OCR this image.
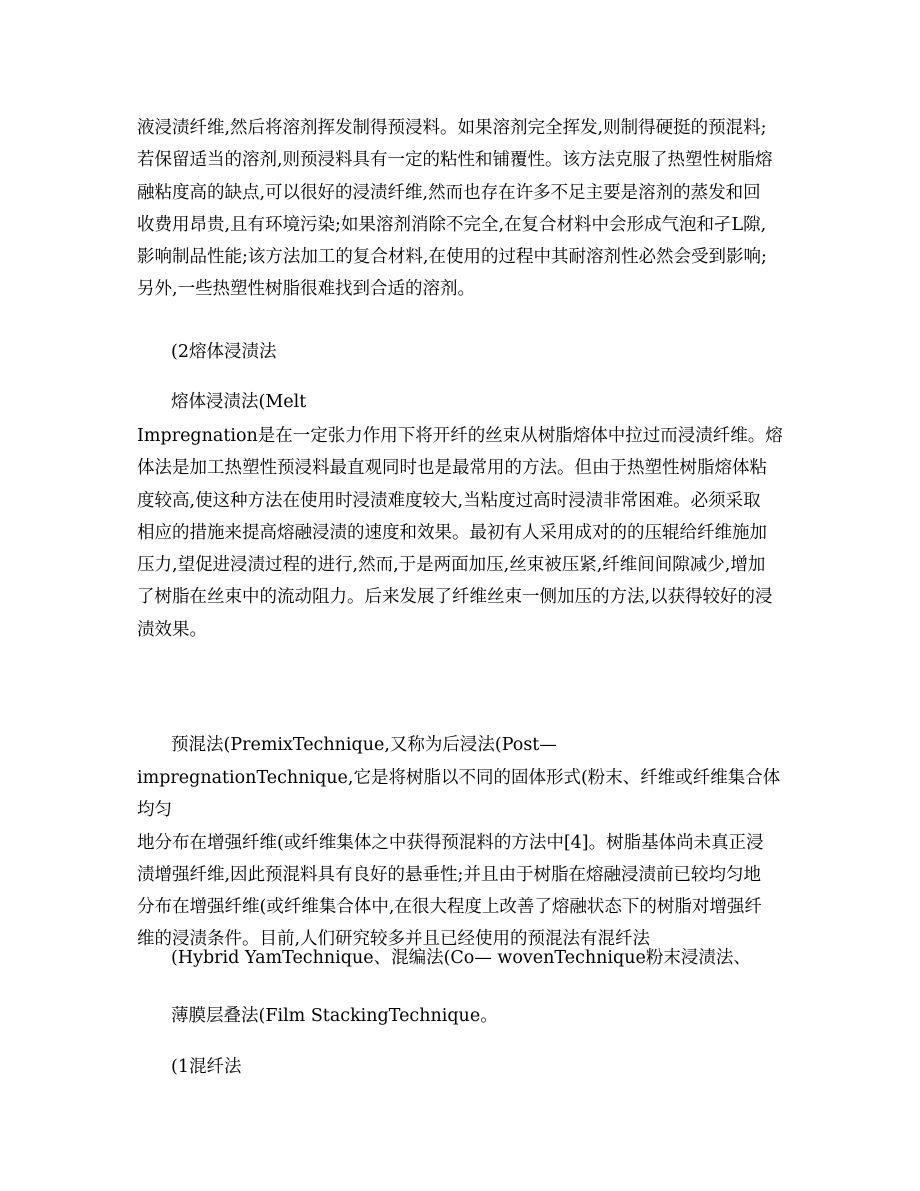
液浸渍纤维,然后将溶剂挥发制得预浸料。如果溶剂完全挥发,则制得硬挺的预混料;
若保留适当的溶剂,则预浸料具有一定的粘性和铺覆性。该方法克服了热塑性树脂熔
融粘度高的缺点,可以很好的浸渍纤维,然而也存在许多不足主要是溶剂的蒸发和回
收费用昂贵,且有环境污染;如果溶剂消除不完全,在复合材料中会形成气泡和孑L隙,
影响制品性能;该方法加工的复合材料,在使用的过程中其耐溶剂性必然会受到影响;
另外,一些热塑性树脂很难找到合适的溶剂。

(2熔体浸渍法

熔体浸渍法(Melt

Impregnation是在一定张力作用下将开纤的丝束从树脂熔体中拉过而浸渍纤维。熔
体法是加工热塑性预浸料最直观同时也是最常用的方法。但由于热塑性树脂熔体粘
度较高,使这种方法在使用时浸渍难度较大,当粘度过高时浸渍非常困难。必须采取
相应的措施来提高熔融浸渍的速度和效果。最初有人采用成对的的压辊给纤维施加
压力,望促进浸渍过程的进行,然而,于是两面加压,丝束被压紧,纤维间间隙减少,增加
了树脂在丝束中的流动阻力。后来发展了纤维丝束一侧加压的方法,以获得较好的浸
渍效果。

预混法(PremixTechnique,又称为后浸法(Post—

impregnationTechnique,它是将树脂以不同的固体形式(粉末、纤维或纤维集合体均匀
地分布在增强纤维(或纤维集体之中获得预混料的方法中[4]。树脂基体尚未真正浸
渍增强纤维,因此预混料具有良好的悬垂性;并且由于树脂在熔融浸渍前已较均匀地
分布在增强纤维(或纤维集合体中,在很大程度上改善了熔融状态下的树脂对增强纤
维的浸渍条件。目前,人们研究较多并且已经使用的预混法有混纤法

(Hybrid YamTechnique、混编法(Co— wovenTechnique粉末浸渍法、

薄膜层叠法(Film StackingTechnique。

(1混纤法
